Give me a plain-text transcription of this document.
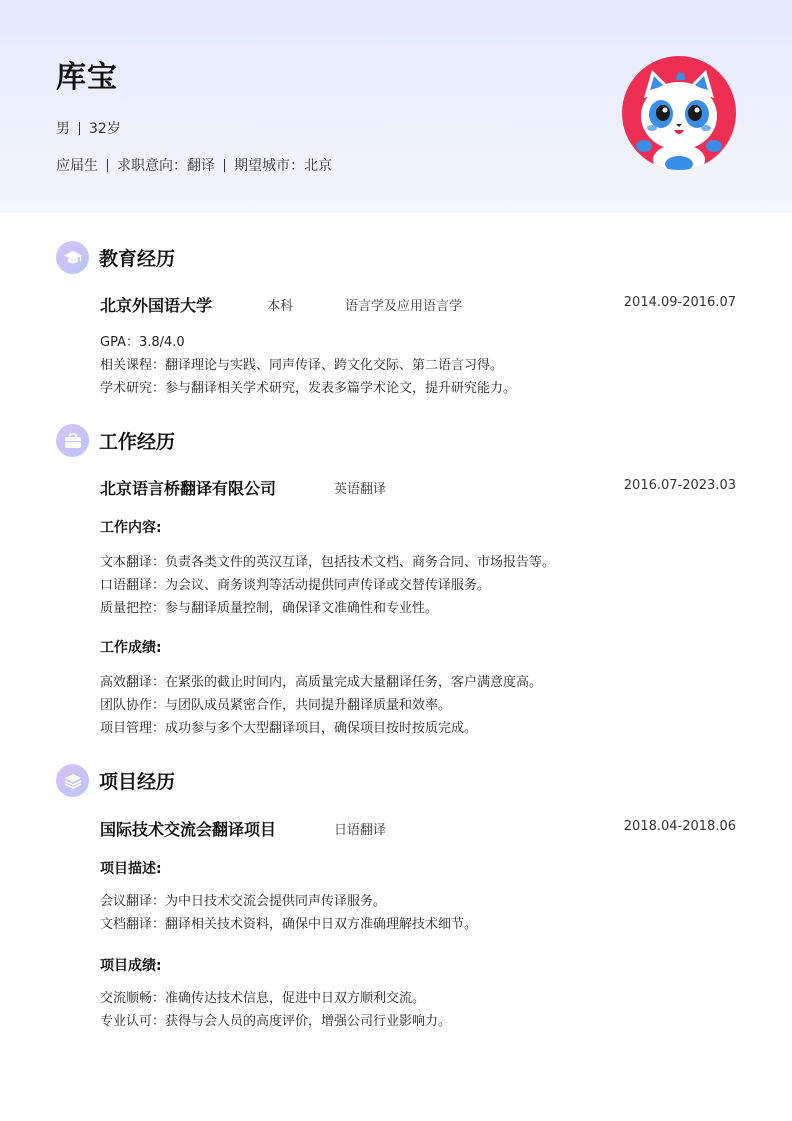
库宝
男 32岁
应届生 求职意向：翻译 期望城市：北京
教育经历
北京外国语大学	本科	语言学及应用语言学	2014.09-2016.07
GPA：3.8/4.0
相关课程：翻译理论与实践、同声传译、跨文化交际、第二语言习得。
学术研究：参与翻译相关学术研究，发表多篇学术论文，提升研究能力。
工作经历
北京语言桥翻译有限公司	英语翻译	2016.07-2023.03
工作内容:
文本翻译：负责各类文件的英汉互译，包括技术文档、商务合同、市场报告等。
口语翻译：为会议、商务谈判等活动提供同声传译或交替传译服务。
质量把控：参与翻译质量控制，确保译文准确性和专业性。
工作成绩:
高效翻译：在紧张的截止时间内，高质量完成大量翻译任务，客户满意度高。
团队协作：与团队成员紧密合作，共同提升翻译质量和效率。
项目管理：成功参与多个大型翻译项目，确保项目按时按质完成。
项目经历
国际技术交流会翻译项目	日语翻译	2018.04-2018.06
项目描述:
会议翻译：为中日技术交流会提供同声传译服务。
文档翻译：翻译相关技术资料，确保中日双方准确理解技术细节。
项目成绩:
交流顺畅：准确传达技术信息，促进中日双方顺利交流。
专业认可：获得与会人员的高度评价，增强公司行业影响力。
